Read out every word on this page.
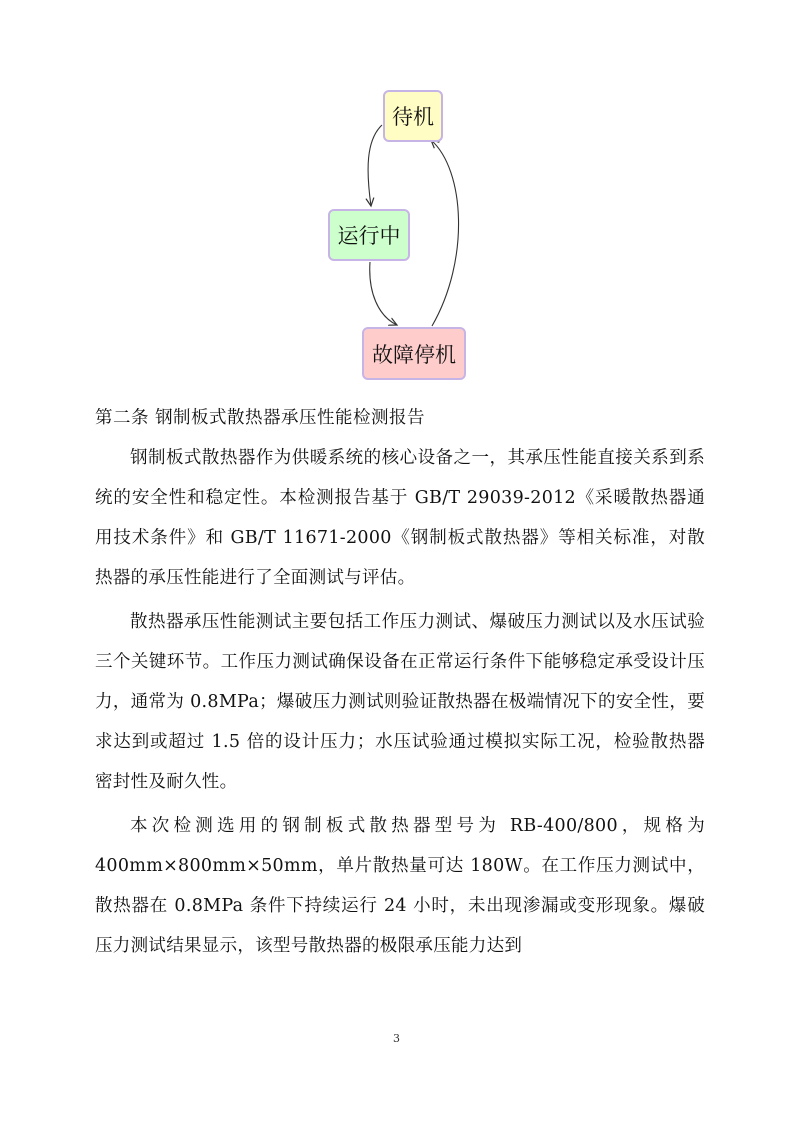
待机
运行中
故障停机
第二条 钢制板式散热器承压性能检测报告

钢制板式散热器作为供暖系统的核心设备之一，其承压性能直接关系到系统的安全性和稳定性。本检测报告基于 GB/T 29039-2012《采暖散热器通用技术条件》和 GB/T 11671-2000《钢制板式散热器》等相关标准，对散热器的承压性能进行了全面测试与评估。

散热器承压性能测试主要包括工作压力测试、爆破压力测试以及水压试验三个关键环节。工作压力测试确保设备在正常运行条件下能够稳定承受设计压力，通常为 0.8MPa；爆破压力测试则验证散热器在极端情况下的安全性，要求达到或超过 1.5 倍的设计压力；水压试验通过模拟实际工况，检验散热器密封性及耐久性。

本次检测选用的钢制板式散热器型号为 RB-400/800，规格为 400mm×800mm×50mm，单片散热量可达 180W。在工作压力测试中，散热器在 0.8MPa 条件下持续运行 24 小时，未出现渗漏或变形现象。爆破压力测试结果显示，该型号散热器的极限承压能力达到

3
